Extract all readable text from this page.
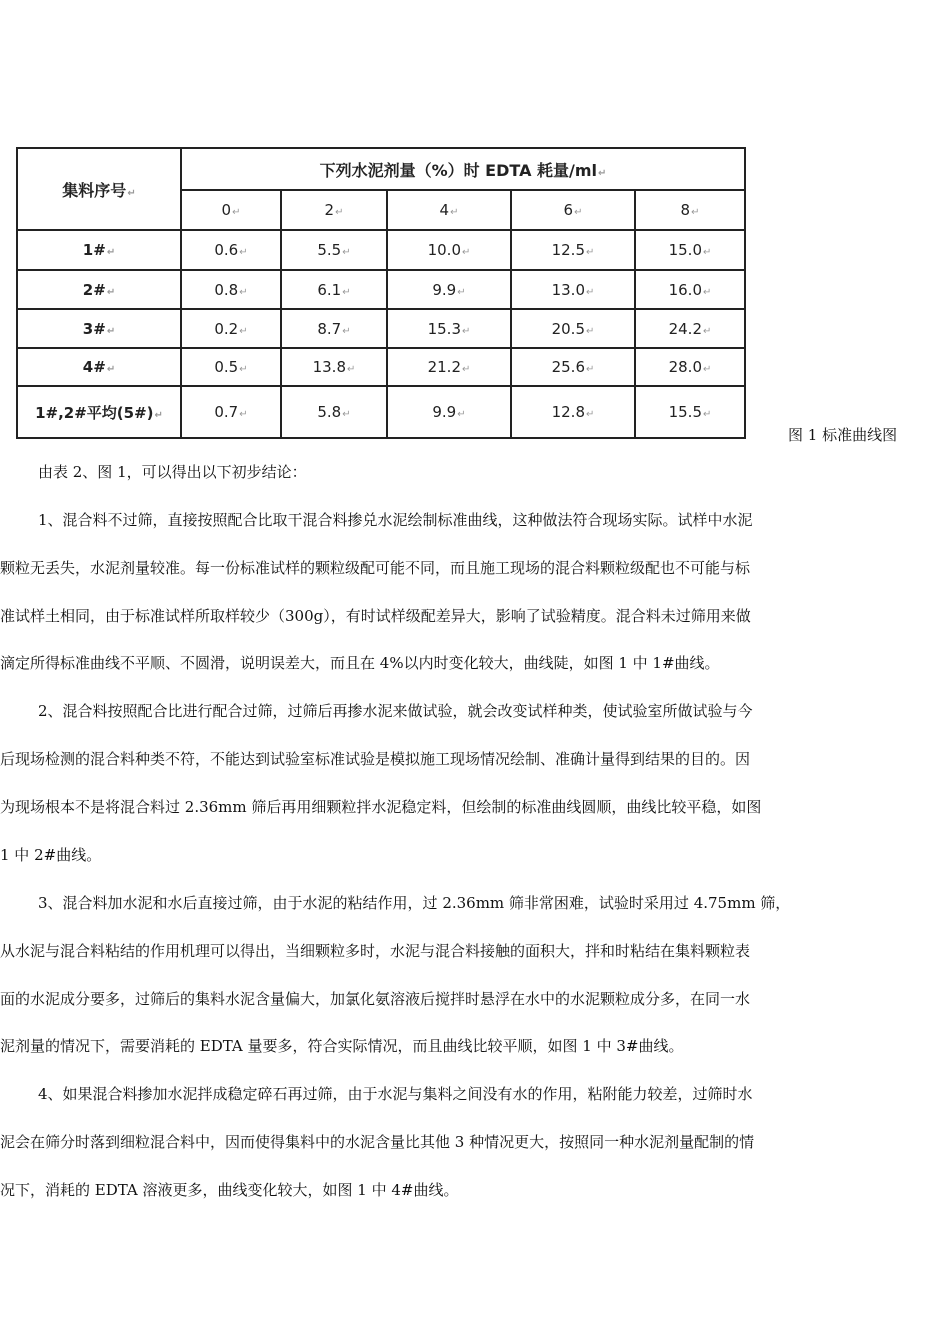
集料序号↵	下列水泥剂量（%）时 EDTA 耗量/ml↵				
	0↵	2↵	4↵	6↵	8↵
1#↵	0.6↵	5.5↵	10.0↵	12.5↵	15.0↵
2#↵	0.8↵	6.1↵	9.9↵	13.0↵	16.0↵
3#↵	0.2↵	8.7↵	15.3↵	20.5↵	24.2↵
4#↵	0.5↵	13.8↵	21.2↵	25.6↵	28.0↵
1#,2#平均(5#)↵	0.7↵	5.8↵	9.9↵	12.8↵	15.5↵
图 1 标准曲线图
由表 2、图 1，可以得出以下初步结论：
1、混合料不过筛，直接按照配合比取干混合料掺兑水泥绘制标准曲线，这种做法符合现场实际。试样中水泥
颗粒无丢失，水泥剂量较准。每一份标准试样的颗粒级配可能不同，而且施工现场的混合料颗粒级配也不可能与标
准试样土相同，由于标准试样所取样较少（300g），有时试样级配差异大，影响了试验精度。混合料未过筛用来做
滴定所得标准曲线不平顺、不圆滑，说明误差大，而且在 4%以内时变化较大，曲线陡，如图 1 中 1#曲线。
2、混合料按照配合比进行配合过筛，过筛后再掺水泥来做试验，就会改变试样种类，使试验室所做试验与今
后现场检测的混合料种类不符，不能达到试验室标准试验是模拟施工现场情况绘制、准确计量得到结果的目的。因
为现场根本不是将混合料过 2.36mm 筛后再用细颗粒拌水泥稳定料，但绘制的标准曲线圆顺，曲线比较平稳，如图
1 中 2#曲线。
3、混合料加水泥和水后直接过筛，由于水泥的粘结作用，过 2.36mm 筛非常困难，试验时采用过 4.75mm 筛，
从水泥与混合料粘结的作用机理可以得出，当细颗粒多时，水泥与混合料接触的面积大，拌和时粘结在集料颗粒表
面的水泥成分要多，过筛后的集料水泥含量偏大，加氯化氨溶液后搅拌时悬浮在水中的水泥颗粒成分多，在同一水
泥剂量的情况下，需要消耗的 EDTA 量要多，符合实际情况，而且曲线比较平顺，如图 1 中 3#曲线。
4、如果混合料掺加水泥拌成稳定碎石再过筛，由于水泥与集料之间没有水的作用，粘附能力较差，过筛时水
泥会在筛分时落到细粒混合料中，因而使得集料中的水泥含量比其他 3 种情况更大，按照同一种水泥剂量配制的情
况下，消耗的 EDTA 溶液更多，曲线变化较大，如图 1 中 4#曲线。
